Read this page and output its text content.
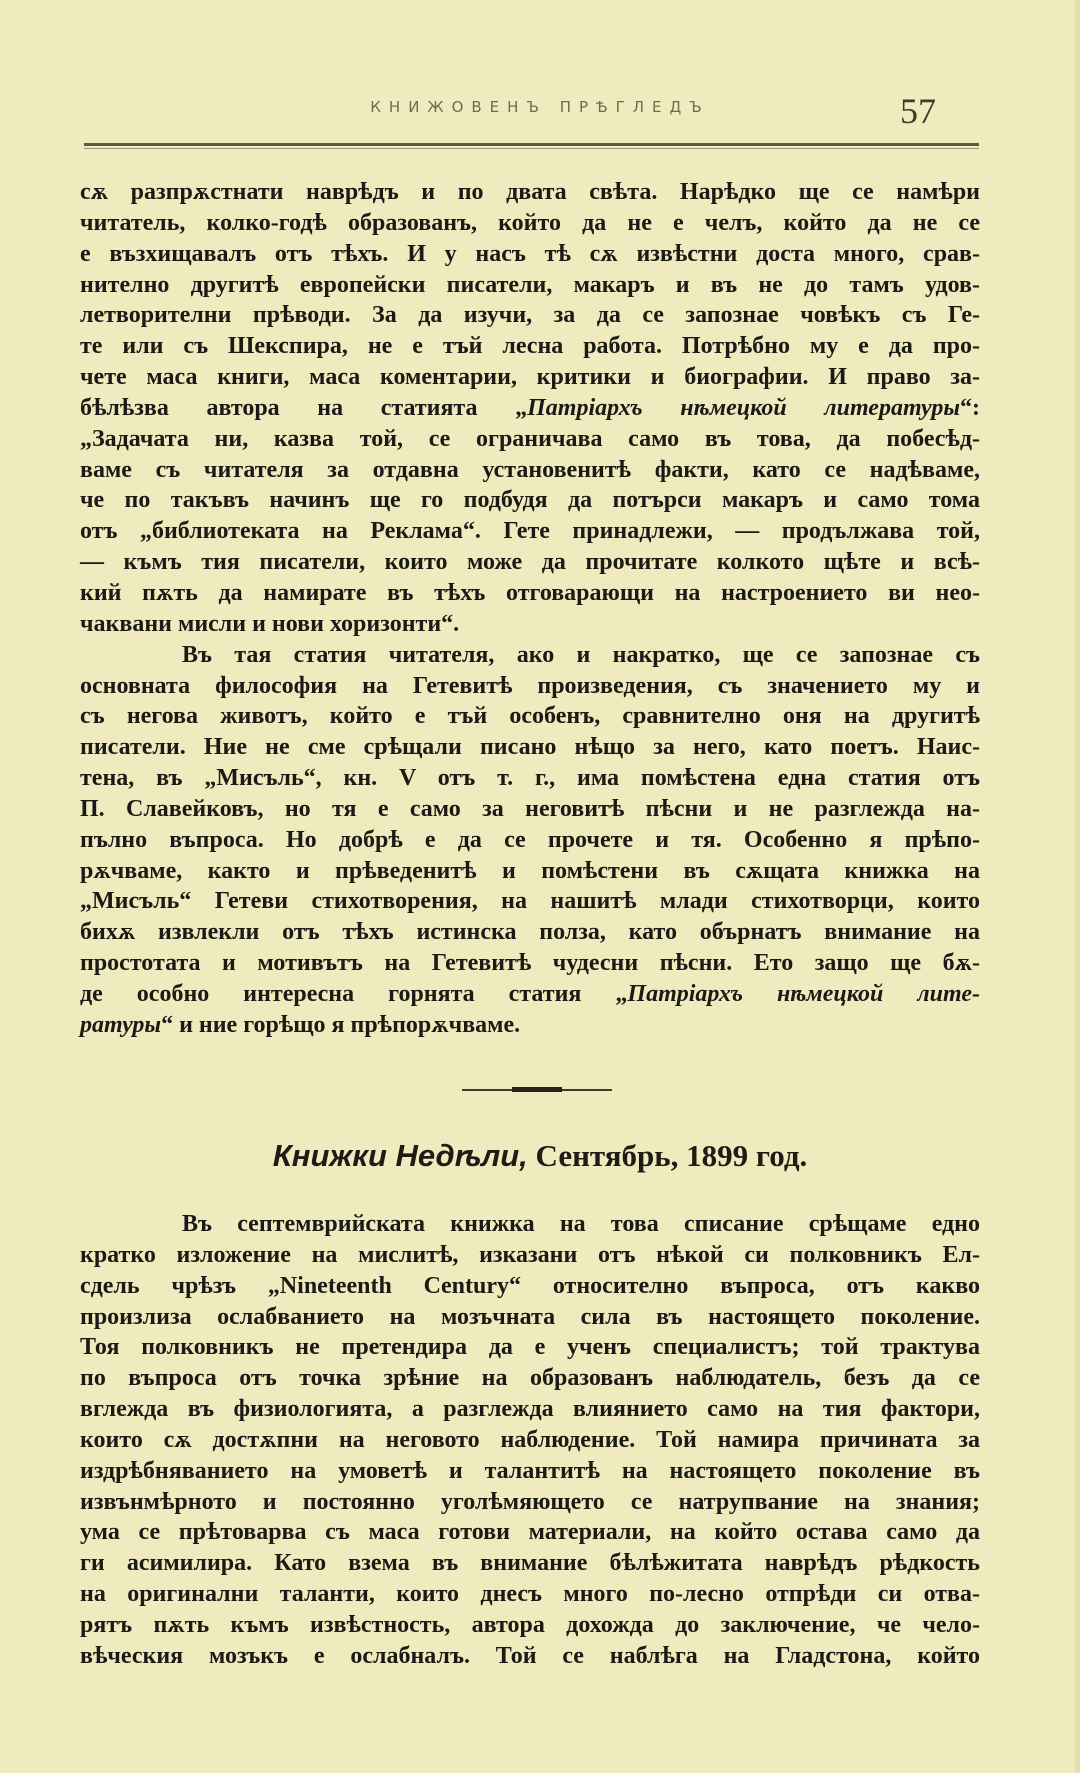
КНИЖОВЕНЪ ПРѢГЛЕДЪ	57
сѫ разпрѫстнати наврѣдъ и по двата свѣта. Нарѣдко ще се намѣри
читатель, колко-годѣ образованъ, който да не е челъ, който да не се
е възхищавалъ отъ тѣхъ. И у насъ тѣ сѫ извѣстни доста много, срав-
нително другитѣ европейски писатели, макаръ и въ не до тамъ удов-
летворителни прѣводи. За да изучи, за да се запознае човѣкъ съ Ге-
те или съ Шекспира, не е тъй лесна работа. Потрѣбно му е да про-
чете маса книги, маса коментарии, критики и биографии. И право за-
бѣлѣзва автора на статията „Патріархъ нѣмецкой литературы“:
„Задачата ни, казва той, се ограничава само въ това, да побесѣд-
ваме съ читателя за отдавна установенитѣ факти, като се надѣваме,
че по такъвъ начинъ ще го подбудя да потърси макаръ и само тома
отъ „библиотеката на Реклама“. Гете принадлежи, — продължава той,
— къмъ тия писатели, които може да прочитате колкото щѣте и всѣ-
кий пѫть да намирате въ тѣхъ отговарающи на настроението ви нео-
чаквани мисли и нови хоризонти“.
Въ тая статия читателя, ако и накратко, ще се запознае съ
основната философия на Гетевитѣ произведения, съ значението му и
съ негова животъ, който е тъй особенъ, сравнително оня на другитѣ
писатели. Ние не сме срѣщали писано нѣщо за него, като поетъ. Наис-
тена, въ „Мисъль“, кн. V отъ т. г., има помѣстена една статия отъ
П. Славейковъ, но тя е само за неговитѣ пѣсни и не разглежда на-
пълно въпроса. Но добрѣ е да се прочете и тя. Особенно я прѣпо-
рѫчваме, както и прѣведенитѣ и помѣстени въ сѫщата книжка на
„Мисъль“ Гетеви стихотворения, на нашитѣ млади стихотворци, които
бихѫ извлекли отъ тѣхъ истинска полза, като обърнатъ внимание на
простотата и мотивътъ на Гетевитѣ чудесни пѣсни. Ето защо ще бѫ-
де особно интересна горнята статия „Патріархъ нѣмецкой лите-
ратуры“ и ние горѣщо я прѣпорѫчваме.
Книжки Недѣли, Сентябрь, 1899 год.
Въ септемврийската книжка на това списание срѣщаме едно
кратко изложение на мислитѣ, изказани отъ нѣкой си полковникъ Ел-
сдель чрѣзъ „Nineteenth Century“ относително въпроса, отъ какво
произлиза ослабванието на мозъчната сила въ настоящето поколение.
Тоя полковникъ не претендира да е ученъ специалистъ; той трактува
по въпроса отъ точка зрѣние на образованъ наблюдатель, безъ да се
вглежда въ физиологията, а разглежда влиянието само на тия фактори,
които сѫ достѫпни на неговото наблюдение. Той намира причината за
издрѣбняванието на умоветѣ и талантитѣ на настоящето поколение въ
извънмѣрното и постоянно уголѣмяющето се натрупвание на знания;
ума се прѣтоварва съ маса готови материали, на който остава само да
ги асимилира. Като взема въ внимание бѣлѣжитата наврѣдъ рѣдкость
на оригинални таланти, които днесъ много по-лесно отпрѣди си отва-
рятъ пѫть къмъ извѣстность, автора дохожда до заключение, че чело-
вѣческия мозъкъ е ослабналъ. Той се наблѣга на Гладстона, който
